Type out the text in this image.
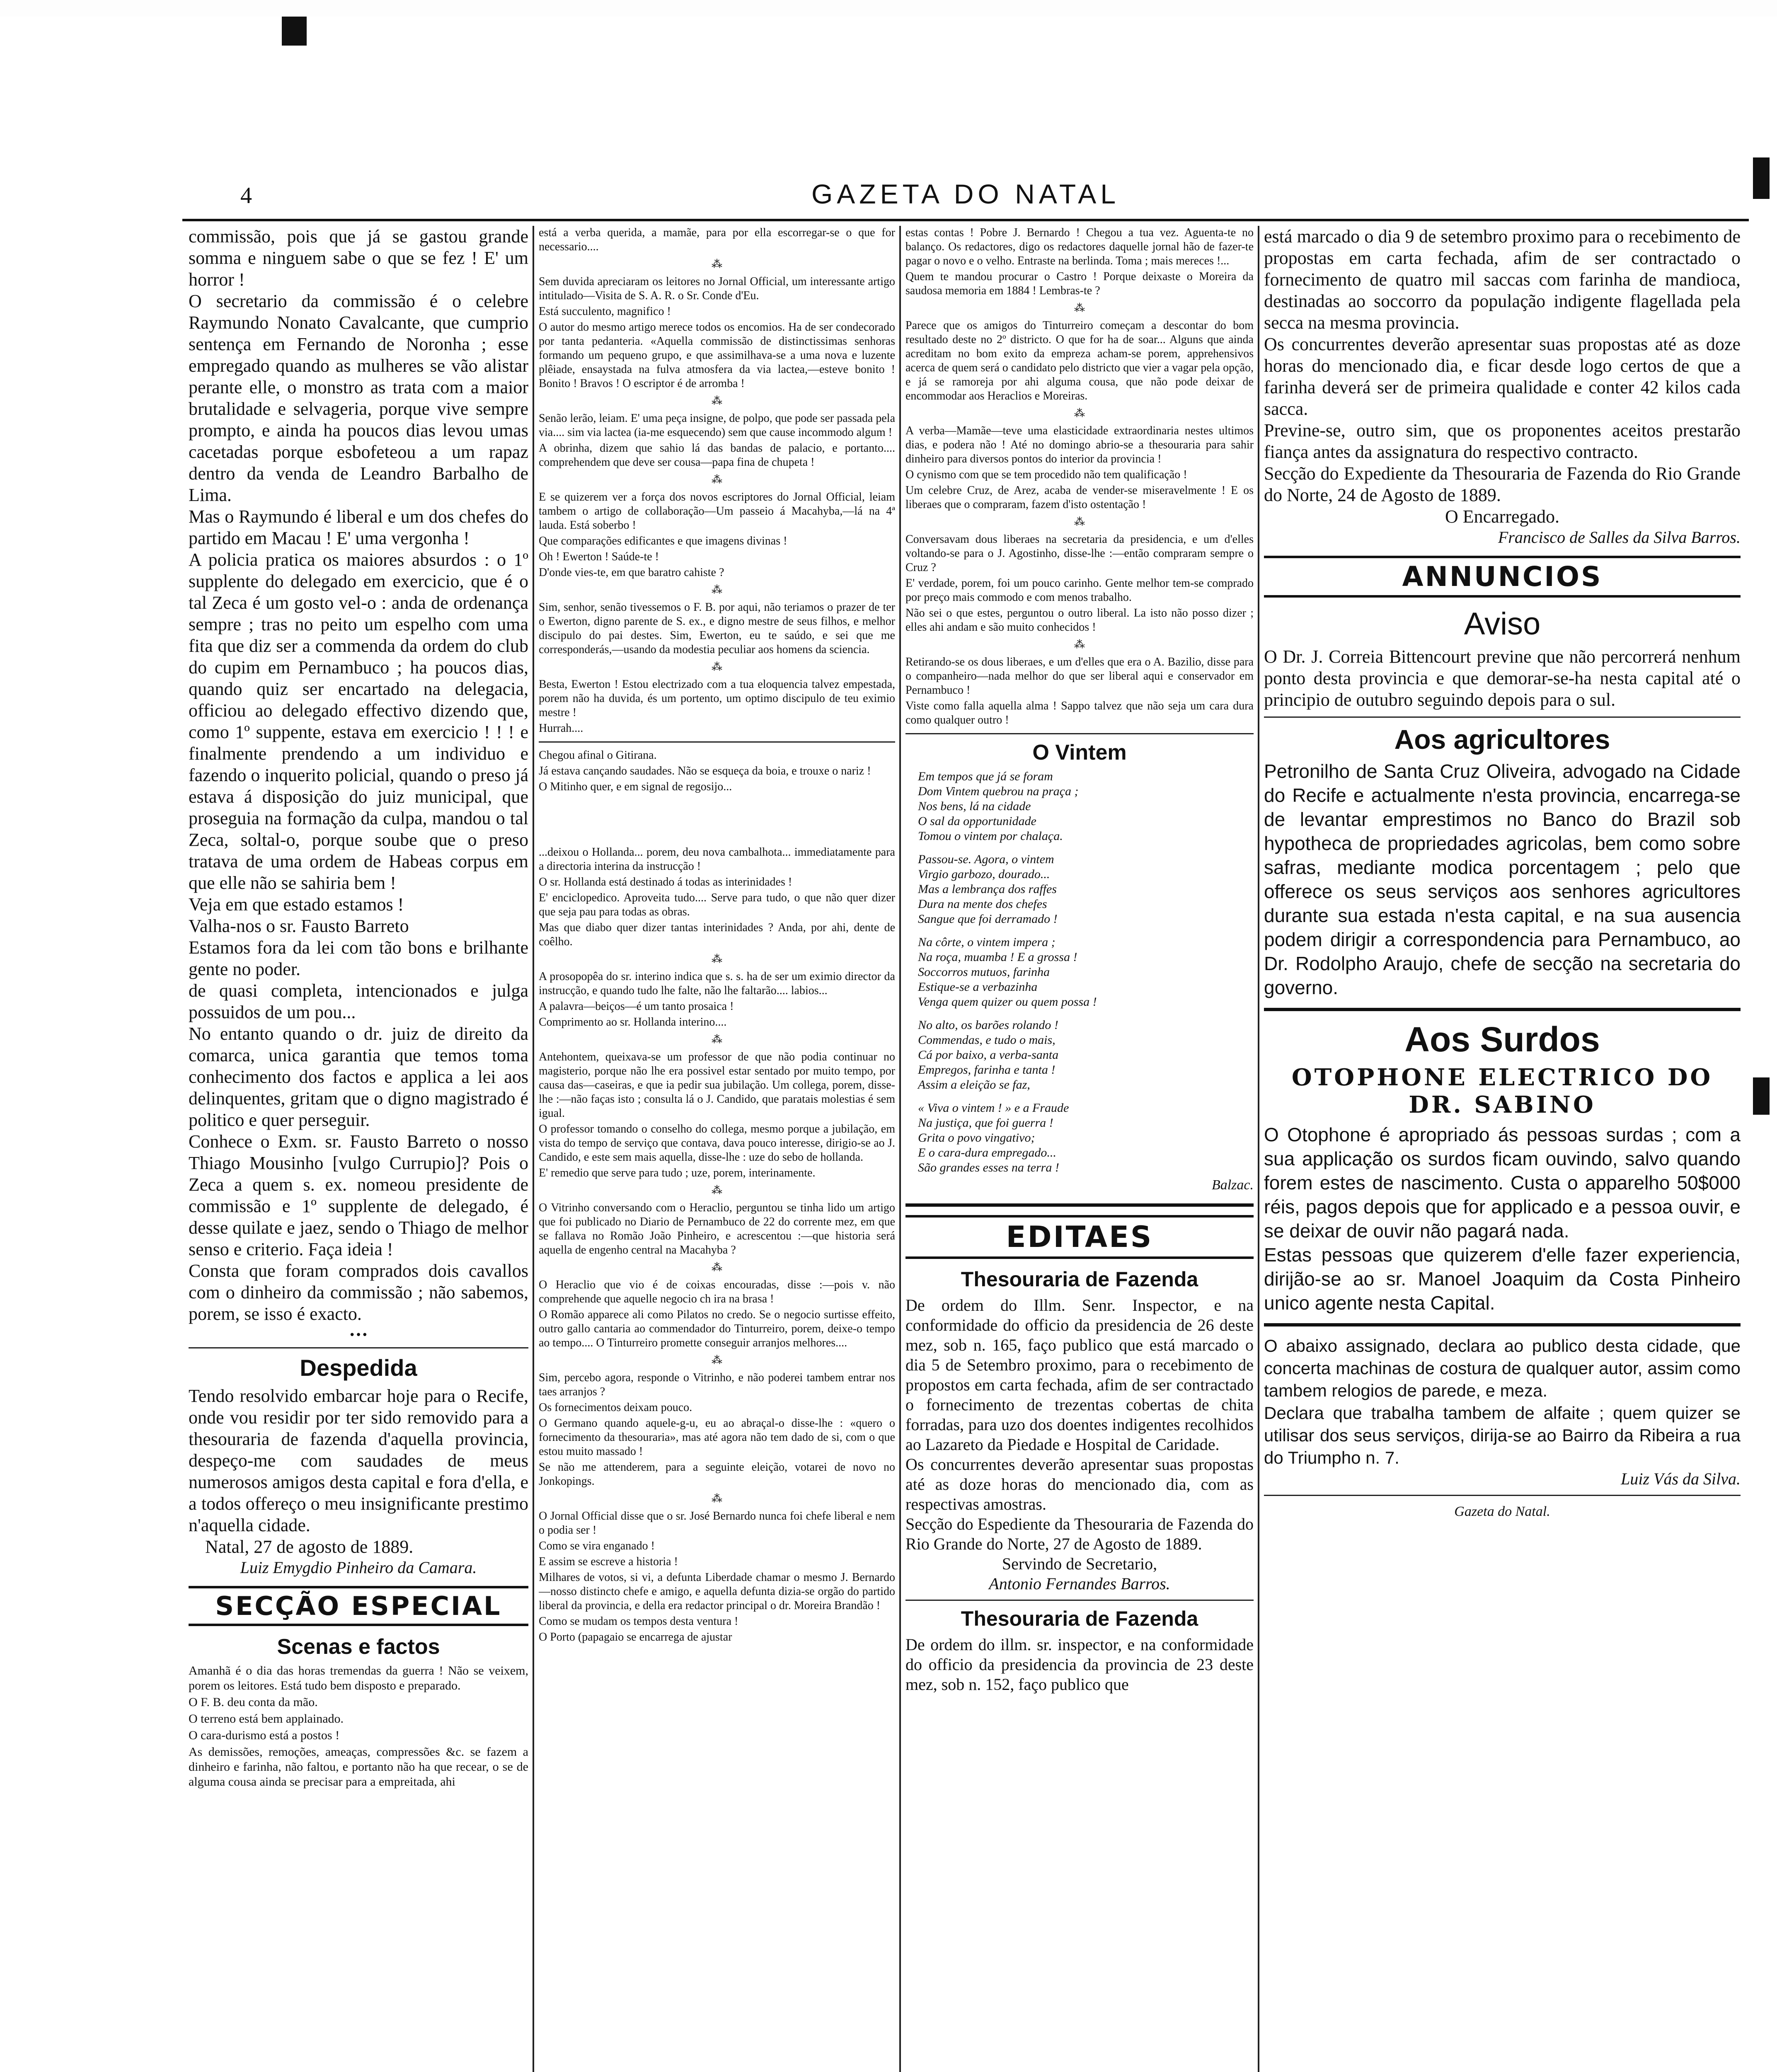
4	GAZETA DO NATAL

commissão, pois que já se gastou grande somma e ninguem sabe o que se fez ! E' um horror !

O secretario da commissão é o celebre Raymundo Nonato Cavalcante, que cumprio sentença em Fernando de Noronha ; esse empregado quando as mulheres se vão alistar perante elle, o monstro as trata com a maior brutalidade e selvageria, porque vive sempre prompto, e ainda ha poucos dias levou umas cacetadas porque esbofeteou a um rapaz dentro da venda de Leandro Barbalho de Lima.

Mas o Raymundo é liberal e um dos chefes do partido em Macau ! E' uma vergonha !

A policia pratica os maiores absurdos : o 1º supplente do delegado em exercicio, que é o tal Zeca é um gosto vel-o : anda de ordenança sempre ; tras no peito um espelho com uma fita que diz ser a commenda da ordem do club do cupim em Pernambuco ; ha poucos dias, quando quiz ser encartado na delegacia, officiou ao delegado effectivo dizendo que, como 1º suppente, estava em exercicio ! ! ! e finalmente prendendo a um individuo e fazendo o inquerito policial, quando o preso já estava á disposição do juiz municipal, que proseguia na formação da culpa, mandou o tal Zeca, soltal-o, porque soube que o preso tratava de uma ordem de Habeas corpus em que elle não se sahiria bem !

Veja em que estado estamos !

Valha-nos o sr. Fausto Barreto

Estamos fora da lei com tão bons e brilhante gente no poder.

de quasi completa, intencionados e julga possuidos de um pou...

No entanto quando o dr. juiz de direito da comarca, unica garantia que temos toma conhecimento dos factos e applica a lei aos delinquentes, gritam que o digno magistrado é politico e quer perseguir.

Conhece o Exm. sr. Fausto Barreto o nosso Thiago Mousinho [vulgo Currupio]? Pois o Zeca a quem s. ex. nomeou presidente de commissão e 1º supplente de delegado, é desse quilate e jaez, sendo o Thiago de melhor senso e criterio. Faça ideia !

Consta que foram comprados dois cavallos com o dinheiro da commissão ; não sabemos, porem, se isso é exacto.

•••
Despedida

Tendo resolvido embarcar hoje para o Recife, onde vou residir por ter sido removido para a thesouraria de fazenda d'aquella provincia, despeço-me com saudades de meus numerosos amigos desta capital e fora d'ella, e a todos offereço o meu insignificante prestimo n'aquella cidade.

Natal, 27 de agosto de 1889.

Luiz Emygdio Pinheiro da Camara.

SECÇÃO ESPECIAL
Scenas e factos

Amanhã é o dia das horas tremendas da guerra ! Não se veixem, porem os leitores. Está tudo bem disposto e preparado.

O F. B. deu conta da mão.

O terreno está bem applainado.

O cara-durismo está a postos !

As demissões, remoções, ameaças, compressões &c. se fazem a dinheiro e farinha, não faltou, e portanto não ha que recear, o se de alguma cousa ainda se precisar para a empreitada, ahi

está a verba querida, a mamãe, para por ella escorregar-se o que for necessario....

⁂

Sem duvida apreciaram os leitores no Jornal Official, um interessante artigo intitulado—Visita de S. A. R. o Sr. Conde d'Eu.

Está succulento, magnifico !

O autor do mesmo artigo merece todos os encomios. Ha de ser condecorado por tanta pedanteria. «Aquella commissão de distinctissimas senhoras formando um pequeno grupo, e que assimilhava-se a uma nova e luzente plêiade, ensaystada na fulva atmosfera da via lactea,—esteve bonito ! Bonito ! Bravos ! O escriptor é de arromba !

⁂

Senão lerão, leiam. E' uma peça insigne, de polpo, que pode ser passada pela via.... sim via lactea (ia-me esquecendo) sem que cause incommodo algum !

A obrinha, dizem que sahio lá das bandas de palacio, e portanto.... comprehendem que deve ser cousa—papa fina de chupeta !

⁂

E se quizerem ver a força dos novos escriptores do Jornal Official, leiam tambem o artigo de collaboração—Um passeio á Macahyba,—lá na 4ª lauda. Está soberbo !

Que comparações edificantes e que imagens divinas !

Oh ! Ewerton ! Saúde-te !

D'onde vies-te, em que baratro cahiste ?

⁂

Sim, senhor, senão tivessemos o F. B. por aqui, não teriamos o prazer de ter o Ewerton, digno parente de S. ex., e digno mestre de seus filhos, e melhor discipulo do pai destes. Sim, Ewerton, eu te saúdo, e sei que me corresponderás,—usando da modestia peculiar aos homens da sciencia.

⁂

Besta, Ewerton ! Estou electrizado com a tua eloquencia talvez empestada, porem não ha duvida, és um portento, um optimo discipulo de teu eximio mestre !

Hurrah....

Chegou afinal o Gitirana.

Já estava cançando saudades. Não se esqueça da boia, e trouxe o nariz !

O Mitinho quer, e em signal de regosijo...

...deixou o Hollanda... porem, deu nova cambalhota... immediatamente para a directoria interina da instrucção !

O sr. Hollanda está destinado á todas as interinidades !

E' enciclopedico. Aproveita tudo.... Serve para tudo, o que não quer dizer que seja pau para todas as obras.

Mas que diabo quer dizer tantas interinidades ? Anda, por ahi, dente de coêlho.

⁂

A prosopopêa do sr. interino indica que s. s. ha de ser um eximio director da instrucção, e quando tudo lhe falte, não lhe faltarão.... labios...

A palavra—beiços—é um tanto prosaica !

Comprimento ao sr. Hollanda interino....

⁂

Antehontem, queixava-se um professor de que não podia continuar no magisterio, porque não lhe era possivel estar sentado por muito tempo, por causa das—caseiras, e que ia pedir sua jubilação. Um collega, porem, disse-lhe :—não faças isto ; consulta lá o J. Candido, que paratais molestias é sem igual.

O professor tomando o conselho do collega, mesmo porque a jubilação, em vista do tempo de serviço que contava, dava pouco interesse, dirigio-se ao J. Candido, e este sem mais aquella, disse-lhe : uze do sebo de hollanda.

E' remedio que serve para tudo ; uze, porem, interinamente.

⁂

O Vitrinho conversando com o Heraclio, perguntou se tinha lido um artigo que foi publicado no Diario de Pernambuco de 22 do corrente mez, em que se fallava no Romão João Pinheiro, e acrescentou :—que historia será aquella de engenho central na Macahyba ?

⁂

O Heraclio que vio é de coixas encouradas, disse :—pois v. não comprehende que aquelle negocio ch ira na brasa !

O Romão apparece ali como Pilatos no credo. Se o negocio surtisse effeito, outro gallo cantaria ao commendador do Tinturreiro, porem, deixe-o tempo ao tempo.... O Tinturreiro promette conseguir arranjos melhores....

⁂

Sim, percebo agora, responde o Vitrinho, e não poderei tambem entrar nos taes arranjos ?

Os fornecimentos deixam pouco.

O Germano quando aquele-g-u, eu ao abraçal-o disse-lhe : «quero o fornecimento da thesouraria», mas até agora não tem dado de si, com o que estou muito massado !

Se não me attenderem, para a seguinte eleição, votarei de novo no Jonkopings.

⁂

O Jornal Official disse que o sr. José Bernardo nunca foi chefe liberal e nem o podia ser !

Como se vira enganado !

E assim se escreve a historia !

Milhares de votos, si vi, a defunta Liberdade chamar o mesmo J. Bernardo—nosso distincto chefe e amigo, e aquella defunta dizia-se orgão do partido liberal da provincia, e della era redactor principal o dr. Moreira Brandão !

Como se mudam os tempos desta ventura !

O Porto (papagaio se encarrega de ajustar

estas contas ! Pobre J. Bernardo ! Chegou a tua vez. Aguenta-te no balanço. Os redactores, digo os redactores daquelle jornal hão de fazer-te pagar o novo e o velho. Entraste na berlinda. Toma ; mais mereces !...

Quem te mandou procurar o Castro ! Porque deixaste o Moreira da saudosa memoria em 1884 ! Lembras-te ?

⁂

Parece que os amigos do Tinturreiro começam a descontar do bom resultado deste no 2º districto. O que for ha de soar... Alguns que ainda acreditam no bom exito da empreza acham-se porem, apprehensivos acerca de quem será o candidato pelo districto que vier a vagar pela opção, e já se ramoreja por ahi alguma cousa, que não pode deixar de encommodar aos Heraclios e Moreiras.

⁂

A verba—Mamãe—teve uma elasticidade extraordinaria nestes ultimos dias, e podera não ! Até no domingo abrio-se a thesouraria para sahir dinheiro para diversos pontos do interior da provincia !

O cynismo com que se tem procedido não tem qualificação !

Um celebre Cruz, de Arez, acaba de vender-se miseravelmente ! E os liberaes que o compraram, fazem d'isto ostentação !

⁂

Conversavam dous liberaes na secretaria da presidencia, e um d'elles voltando-se para o J. Agostinho, disse-lhe :—então compraram sempre o Cruz ?

E' verdade, porem, foi um pouco carinho. Gente melhor tem-se comprado por preço mais commodo e com menos trabalho.

Não sei o que estes, perguntou o outro liberal. La isto não posso dizer ; elles ahi andam e são muito conhecidos !

⁂

Retirando-se os dous liberaes, e um d'elles que era o A. Bazilio, disse para o companheiro—nada melhor do que ser liberal aqui e conservador em Pernambuco !

Viste como falla aquella alma ! Sappo talvez que não seja um cara dura como qualquer outro !

O Vintem

Em tempos que já se foram

Dom Vintem quebrou na praça ;

Nos bens, lá na cidade

O sal da opportunidade

Tomou o vintem por chalaça.

Passou-se. Agora, o vintem

Virgio garbozo, dourado...

Mas a lembrança dos raffes

Dura na mente dos chefes

Sangue que foi derramado !

Na côrte, o vintem impera ;

Na roça, muamba ! E a grossa !

Soccorros mutuos, farinha

Estique-se a verbazinha

Venga quem quizer ou quem possa !

No alto, os barões rolando !

Commendas, e tudo o mais,

Cá por baixo, a verba-santa

Empregos, farinha e tanta !

Assim a eleição se faz,

« Viva o vintem ! » e a Fraude

Na justiça, que foi guerra !

Grita o povo vingativo;

E o cara-dura empregado...

São grandes esses na terra !

Balzac.

EDITAES
Thesouraria de Fazenda

De ordem do Illm. Senr. Inspector, e na conformidade do officio da presidencia de 26 deste mez, sob n. 165, faço publico que está marcado o dia 5 de Setembro proximo, para o recebimento de propostos em carta fechada, afim de ser contractado o fornecimento de trezentas cobertas de chita forradas, para uzo dos doentes indigentes recolhidos ao Lazareto da Piedade e Hospital de Caridade.

Os concurrentes deverão apresentar suas propostas até as doze horas do mencionado dia, com as respectivas amostras.

Secção do Espediente da Thesouraria de Fazenda do Rio Grande do Norte, 27 de Agosto de 1889.

Servindo de Secretario,

Antonio Fernandes Barros.

Thesouraria de Fazenda

De ordem do illm. sr. inspector, e na conformidade do officio da presidencia da provincia de 23 deste mez, sob n. 152, faço publico que

está marcado o dia 9 de setembro proximo para o recebimento de propostas em carta fechada, afim de ser contractado o fornecimento de quatro mil saccas com farinha de mandioca, destinadas ao soccorro da população indigente flagellada pela secca na mesma provincia.

Os concurrentes deverão apresentar suas propostas até as doze horas do mencionado dia, e ficar desde logo certos de que a farinha deverá ser de primeira qualidade e conter 42 kilos cada sacca.

Previne-se, outro sim, que os proponentes aceitos prestarão fiança antes da assignatura do respectivo contracto.

Secção do Expediente da Thesouraria de Fazenda do Rio Grande do Norte, 24 de Agosto de 1889.

O Encarregado.

Francisco de Salles da Silva Barros.

ANNUNCIOS
Aviso

O Dr. J. Correia Bittencourt previne que não percorrerá nenhum ponto desta provincia e que demorar-se-ha nesta capital até o principio de outubro seguindo depois para o sul.

Aos agricultores

Petronilho de Santa Cruz Oliveira, advogado na Cidade do Recife e actualmente n'esta provincia, encarrega-se de levantar emprestimos no Banco do Brazil sob hypotheca de propriedades agricolas, bem como sobre safras, mediante modica porcentagem ; pelo que offerece os seus serviços aos senhores agricultores durante sua estada n'esta capital, e na sua ausencia podem dirigir a correspondencia para Pernambuco, ao Dr. Rodolpho Araujo, chefe de secção na secretaria do governo.

Aos Surdos
OTOPHONE ELECTRICO DO DR. SABINO

O Otophone é apropriado ás pessoas surdas ; com a sua applicação os surdos ficam ouvindo, salvo quando forem estes de nascimento. Custa o apparelho 50$000 réis, pagos depois que for applicado e a pessoa ouvir, e se deixar de ouvir não pagará nada.

Estas pessoas que quizerem d'elle fazer experiencia, dirijão-se ao sr. Manoel Joaquim da Costa Pinheiro unico agente nesta Capital.

O abaixo assignado, declara ao publico desta cidade, que concerta machinas de costura de qualquer autor, assim como tambem relogios de parede, e meza.

Declara que trabalha tambem de alfaite ; quem quizer se utilisar dos seus serviços, dirija-se ao Bairro da Ribeira a rua do Triumpho n. 7.

Luiz Vás da Silva.

Gazeta do Natal.
